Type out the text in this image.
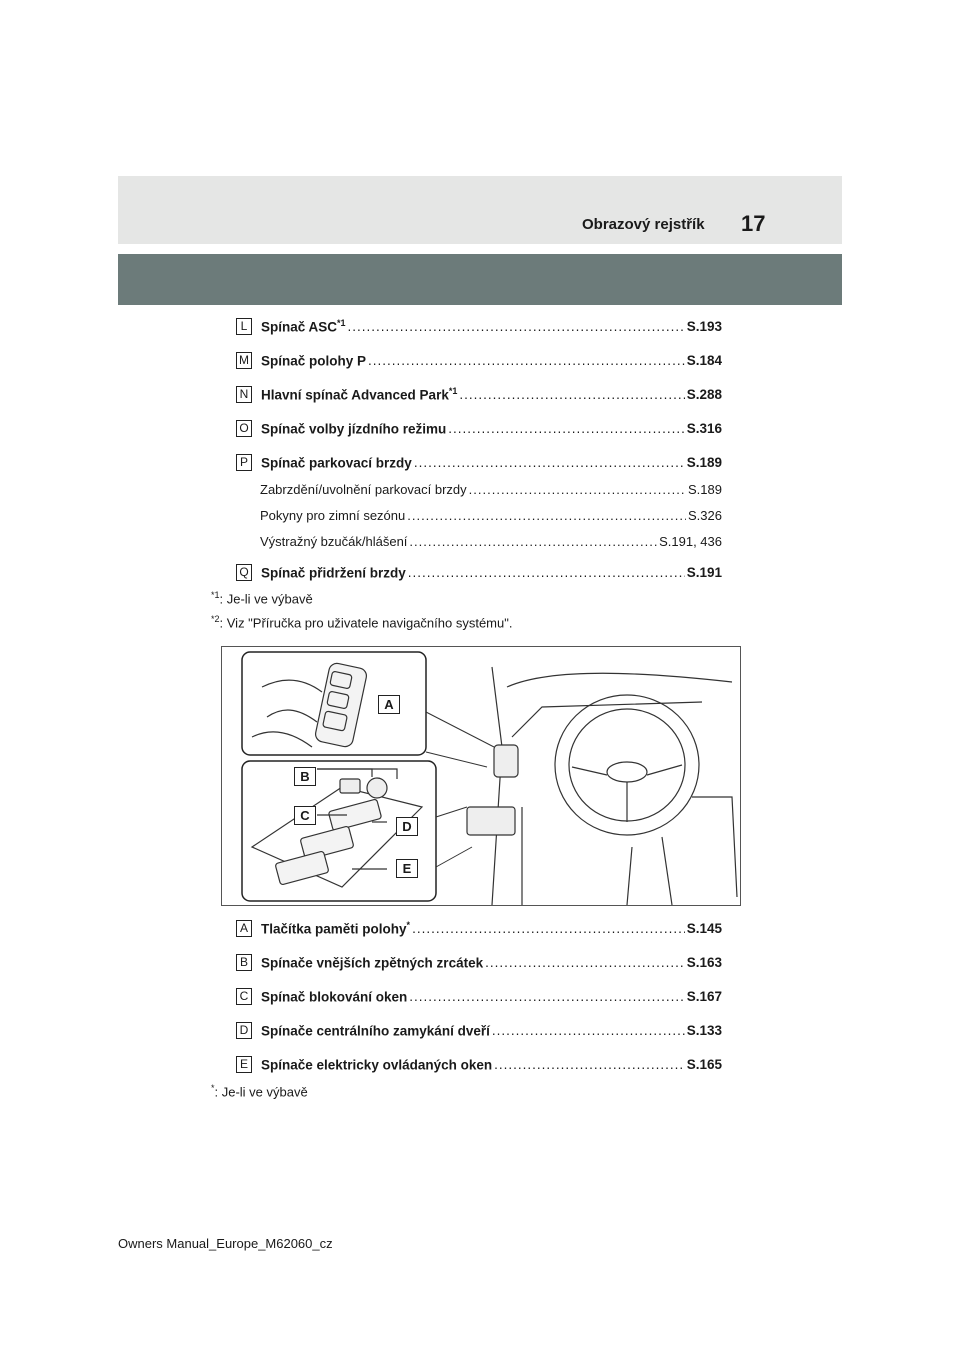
Obrazový rejstřík 17
L	Spínač ASC$^{*1}$ .....	S.193
M Spínač polohy P .....	S.184
N Hlavní spínač Advanced Park$^{*1}$ .....	S.288
O Spínač volby jízdního režimu .....	S.316
P Spínač parkovací brzdy .....	S.189
Zabrzdění/uvolnění parkovací brzdy .....	S.189
Pokyny pro zimní sezónu .....	S.326
Výstražný bzučák/hlášení .....	S.191, 436
Q Spínač přidržení brzdy .....	S.191
$^{*1}$: Je-li ve výbavě
$^{*2}$: Viz "Příručka pro uživatele navigačního systému".
A
B
C
D
E
A Tlačítka paměti polohy* .....	S.145
B Spínače vnějších zpětných zrcátek .....	S.163
C Spínač blokování oken .....	S.167
D Spínače centrálního zamykání dveří .....	S.133
E Spínače elektricky ovládaných oken .....	S.165
*: Je-li ve výbavě
Owners Manual_Europe_M62060_cz
